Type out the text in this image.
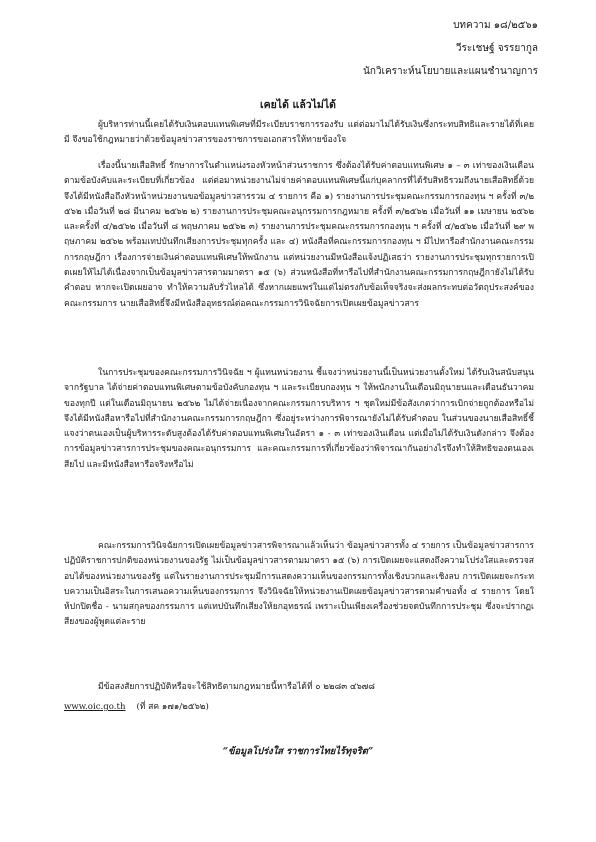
บทความ ๑๘/๒๕๖๑
วีระเชษฐ์ จรรยากูล
นักวิเคราะห์นโยบายและแผนชำนาญการ
เคยได้ แล้วไม่ได้
ผู้บริหารท่านนี้เคยได้รับเงินตอบแทนพิเศษที่มีระเบียบราชการรองรับ แต่ต่อมาไม่ได้รับเงินซึ่งกระทบสิทธิและรายได้ที่เคยมี จึงขอใช้กฎหมายว่าด้วยข้อมูลข่าวสารของราชการขอเอกสารให้ทายข้องใจ
เรื่องนี้นายเสือสิทธิ์ รักษาการในตำแหน่งรองหัวหน้าส่วนราชการ ซึ่งต้องได้รับค่าตอบแทนพิเศษ ๑ – ๓ เท่าของเงินเดือน ตามข้อบังคับและระเบียบที่เกี่ยวข้อง แต่ต่อมาหน่วยงานไม่จ่ายค่าตอบแทนพิเศษนี้แก่บุคลากรที่ได้รับสิทธิรวมถึงนายเสือสิทธิ์ด้วย จึงได้มีหนังสือถึงหัวหน้าหน่วยงานขอข้อมูลข่าวสารรวม ๔ รายการ คือ ๑) รายงานการประชุมคณะกรรมการกองทุน ฯ ครั้งที่ ๓/๒๕๖๒ เมื่อวันที่ ๒๘ มีนาคม ๒๕๖๒ ๒) รายงานการประชุมคณะอนุกรรมการกฎหมาย ครั้งที่ ๓/๒๕๖๒ เมื่อวันที่ ๑๑ เมษายน ๒๕๖๒ และครั้งที่ ๔/๒๕๖๒ เมื่อวันที่ ๘ พฤษภาคม ๒๕๖๒ ๓) รายงานการประชุมคณะกรรมการกองทุน ฯ ครั้งที่ ๔/๒๕๖๒ เมื่อวันที่ ๒๙ พฤษภาคม ๒๕๖๒ พร้อมเทปบันทึกเสียงการประชุมทุกครั้ง และ ๔) หนังสือที่คณะกรรมการกองทุน ฯ มีไปหารือสำนักงานคณะกรรมการกฤษฎีกา เรื่องการจ่ายเงินค่าตอบแทนพิเศษให้พนักงาน แต่หน่วยงานมีหนังสือแจ้งปฏิเสธว่า รายงานการประชุมทุกรายการเปิดเผยให้ไม่ได้เนื่องจากเป็นข้อมูลข่าวสารตามมาตรา ๑๕ (๖) ส่วนหนังสือที่หารือไปที่สำนักงานคณะกรรมการกฤษฎีกายังไม่ได้รับคำตอบ หากจะเปิดเผยอาจ ทำให้ความลับรั่วไหลได้ ซึ่งหากเผยแพร่ในแต่ไม่ตรงกับข้อเท็จจริงจะส่งผลกระทบต่อวัตถุประสงค์ของคณะกรรมการ นายเสือสิทธิ์จึงมีหนังสืออุทธรณ์ต่อคณะกรรมการวินิจฉัยการเปิดเผยข้อมูลข่าวสาร
ในการประชุมของคณะกรรมการวินิจฉัย ฯ ผู้แทนหน่วยงาน ชี้แจงว่าหน่วยงานนี้เป็นหน่วยงานตั้งใหม่ ได้รับเงินสนับสนุนจากรัฐบาล ได้จ่ายค่าตอบแทนพิเศษตามข้อบังคับกองทุน ฯ และระเบียบกองทุน ฯ ให้พนักงานในเดือนมิถุนายนและเดือนธันวาคมของทุกปี แต่ในเดือนมิถุนายน ๒๕๖๒ ไม่ได้จ่ายเนื่องจากคณะกรรมการบริหาร ฯ ชุดใหม่มีข้อสังเกตว่าการเบิกจ่ายถูกต้องหรือไม่ จึงได้มีหนังสือหารือไปที่สำนักงานคณะกรรมการกฤษฎีกา ซึ่งอยู่ระหว่างการพิจารณายังไม่ได้รับคำตอบ ในส่วนของนายเสือสิทธิ์ชี้แจงว่าตนเองเป็นผู้บริหารระดับสูงต้องได้รับค่าตอบแทนพิเศษในอัตรา ๑ - ๓ เท่าของเงินเดือน แต่เมื่อไม่ได้รับเงินดังกล่าว จึงต้องการข้อมูลข่าวสารการประชุมของคณะอนุกรรมการ และคณะกรรมการที่เกี่ยวข้องว่าพิจารณากันอย่างไรจึงทำให้สิทธิของตนเองเสียไป และมีหนังสือหารือจริงหรือไม่
คณะกรรมการวินิจฉัยการเปิดเผยข้อมูลข่าวสารพิจารณาแล้วเห็นว่า ข้อมูลข่าวสารทั้ง ๔ รายการ เป็นข้อมูลข่าวสารการปฏิบัติราชการปกติของหน่วยงานของรัฐ ไม่เป็นข้อมูลข่าวสารตามมาตรา ๑๕ (๖) การเปิดเผยจะแสดงถึงความโปร่งใสและตรวจสอบได้ของหน่วยงานของรัฐ แต่ในรายงานการประชุมมีการแสดงความเห็นของกรรมการทั้งเชิงบวกและเชิงลบ การเปิดเผยจะกระทบความเป็นอิสระในการเสนอความเห็นของกรรมการ จึงวินิจฉัยให้หน่วยงานเปิดเผยข้อมูลข่าวสารตามคำขอทั้ง ๔ รายการ โดยให้ปกปิดชื่อ - นามสกุลของกรรมการ แต่เทปบันทึกเสียงให้ยกอุทธรณ์ เพราะเป็นเพียงเครื่องช่วยจดบันทึกการประชุม ซึ่งจะปรากฏเสียงของผู้พูดแต่ละราย
มีข้อสงสัยการปฏิบัติหรือจะใช้สิทธิตามกฎหมายนี้หารือได้ที่ ๐ ๒๒๘๓ ๔๖๗๘
www.oic.go.th (ที่ สค ๑๗๑/๒๕๖๒)
“ข้อมูลโปร่งใส ราชการไทยไร้ทุจริต”
